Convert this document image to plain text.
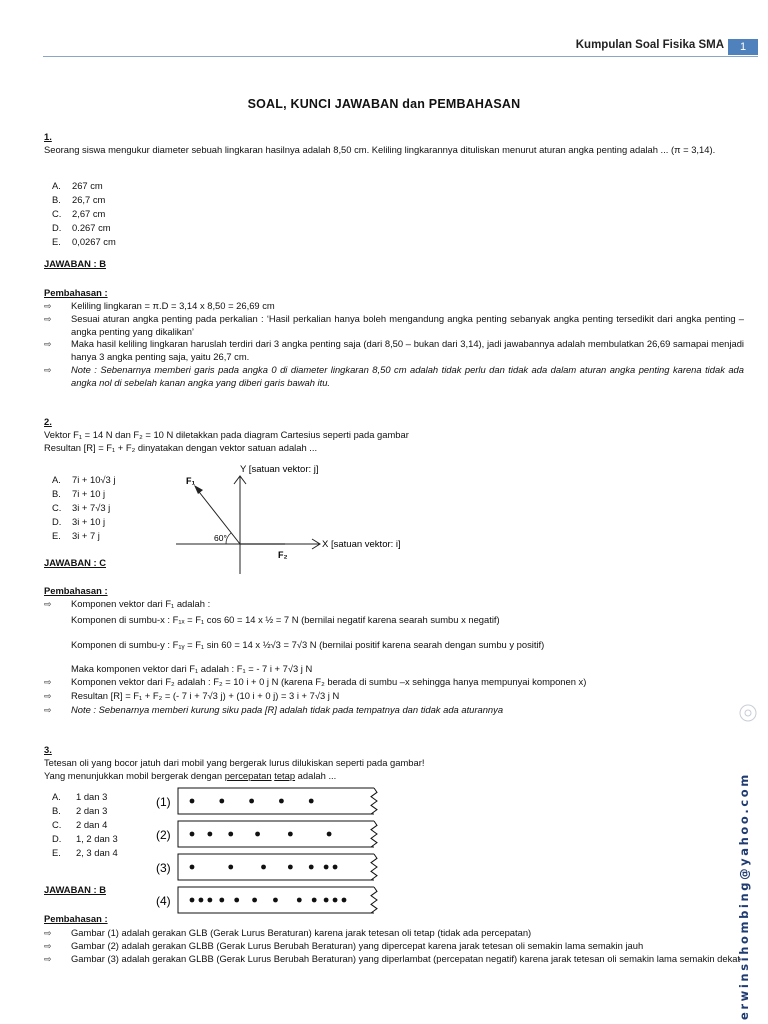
Kumpulan Soal Fisika SMA	1
SOAL, KUNCI JAWABAN dan PEMBAHASAN
1.
Seorang siswa mengukur diameter sebuah lingkaran hasilnya adalah 8,50 cm. Keliling lingkarannya dituliskan menurut aturan angka penting adalah ... (π = 3,14).
A.	267 cm
B.	26,7 cm
C.	2,67 cm
D.	0.267 cm
E.	0,0267 cm
JAWABAN : B
Pembahasan :
⇨	Keliling lingkaran = π.D = 3,14 x 8,50 = 26,69 cm
⇨	Sesuai aturan angka penting pada perkalian : ‘Hasil perkalian hanya boleh mengandung angka penting sebanyak angka penting tersedikit dari angka penting –angka penting yang dikalikan’
⇨	Maka hasil keliling lingkaran haruslah terdiri dari 3 angka penting saja (dari 8,50 – bukan dari 3,14), jadi jawabannya adalah membulatkan 26,69 samapai menjadi hanya 3 angka penting saja, yaitu 26,7 cm.
⇨	Note : Sebenarnya memberi garis pada angka 0 di diameter lingkaran 8,50 cm adalah tidak perlu dan tidak ada dalam aturan angka penting karena tidak ada angka nol di sebelah kanan angka yang diberi garis bawah itu.
2.
Vektor F₁ = 14 N dan F₂ = 10 N diletakkan pada diagram Cartesius seperti pada gambar
Resultan [R] = F₁ + F₂ dinyatakan dengan vektor satuan adalah ...
A.	7i + 10√3 j
B.	7i + 10 j
C.	3i + 7√3 j
D.	3i + 10 j
E.	3i + 7 j
Y [satuan vektor: j]
X [satuan vektor: i]
F₁
F₂
60°
JAWABAN : C
Pembahasan :
⇨	Komponen vektor dari F₁ adalah :
Komponen di sumbu-x : F₁ₓ = F₁ cos 60 = 14 x ½ = 7 N (bernilai negatif karena searah sumbu x negatif)
Komponen di sumbu-y : F₁ᵧ = F₁ sin 60 = 14 x ½√3 = 7√3 N (bernilai positif karena searah dengan sumbu y positif)
Maka komponen vektor dari F₁ adalah : F₁ = - 7 i + 7√3 j N
⇨	Komponen vektor dari F₂ adalah : F₂ = 10 i + 0 j N (karena F₂ berada di sumbu –x sehingga hanya mempunyai komponen x)
⇨	Resultan [R] = F₁ + F₂ = (- 7 i + 7√3 j) + (10 i + 0 j) = 3 i + 7√3 j N
⇨	Note : Sebenarnya memberi kurung siku pada [R] adalah tidak pada tempatnya dan tidak ada aturannya
3.
Tetesan oli yang bocor jatuh dari mobil yang bergerak lurus dilukiskan seperti pada gambar!
Yang menunjukkan mobil bergerak dengan percepatan tetap adalah ...
A.	1 dan 3
B.	2 dan 3
C.	2 dan 4
D.	1, 2 dan 3
E.	2, 3 dan 4
(1)
(2)
(3)
(4)
JAWABAN : B
Pembahasan :
⇨	Gambar (1) adalah gerakan GLB (Gerak Lurus Beraturan) karena jarak tetesan oli tetap (tidak ada percepatan)
⇨	Gambar (2) adalah gerakan GLBB (Gerak Lurus Berubah Beraturan) yang dipercepat karena jarak tetesan oli semakin lama semakin jauh
⇨	Gambar (3) adalah gerakan GLBB (Gerak Lurus Berubah Beraturan) yang diperlambat (percepatan negatif) karena jarak tetesan oli semakin lama semakin dekat
erwinsihombing@yahoo.com
